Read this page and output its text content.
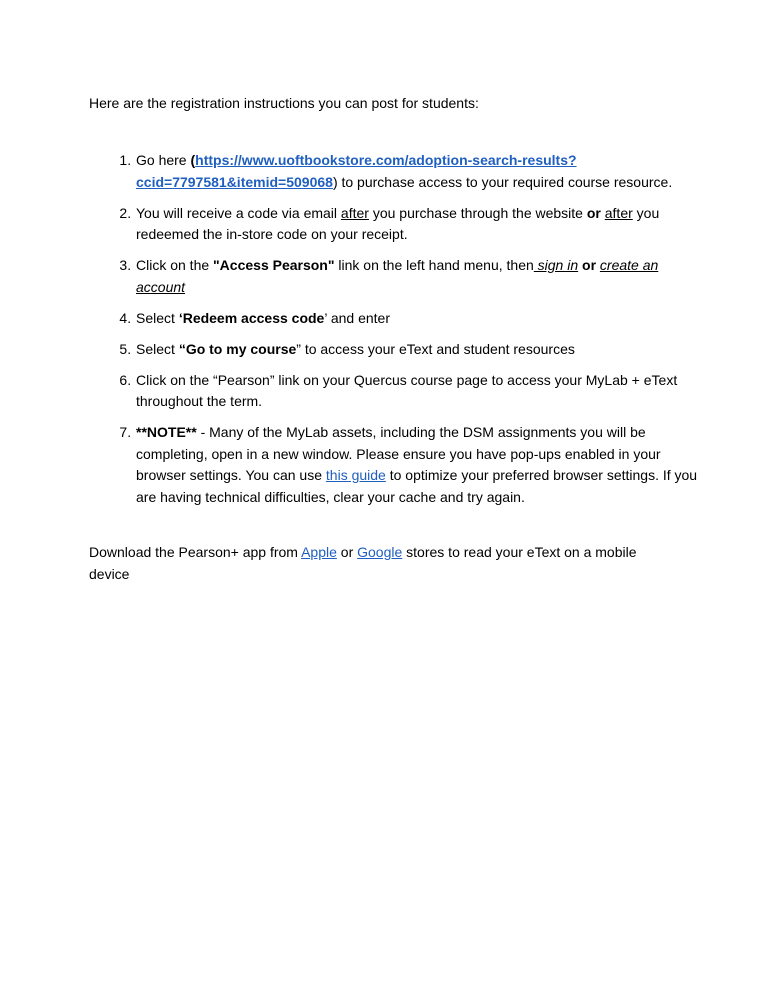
Here are the registration instructions you can post for students:

1. Go here (https://www.uoftbookstore.com/adoption-search-results?ccid=7797581&itemid=509068) to purchase access to your required course resource.
2. You will receive a code via email after you purchase through the website or after you redeemed the in-store code on your receipt.
3. Click on the "Access Pearson" link on the left hand menu, then sign in or create an account
4. Select ‘Redeem access code’ and enter
5. Select “Go to my course” to access your eText and student resources
6. Click on the “Pearson” link on your Quercus course page to access your MyLab + eText throughout the term.
7. **NOTE** - Many of the MyLab assets, including the DSM assignments you will be completing, open in a new window. Please ensure you have pop-ups enabled in your browser settings. You can use this guide to optimize your preferred browser settings. If you are having technical difficulties, clear your cache and try again.

Download the Pearson+ app from Apple or Google stores to read your eText on a mobile device
